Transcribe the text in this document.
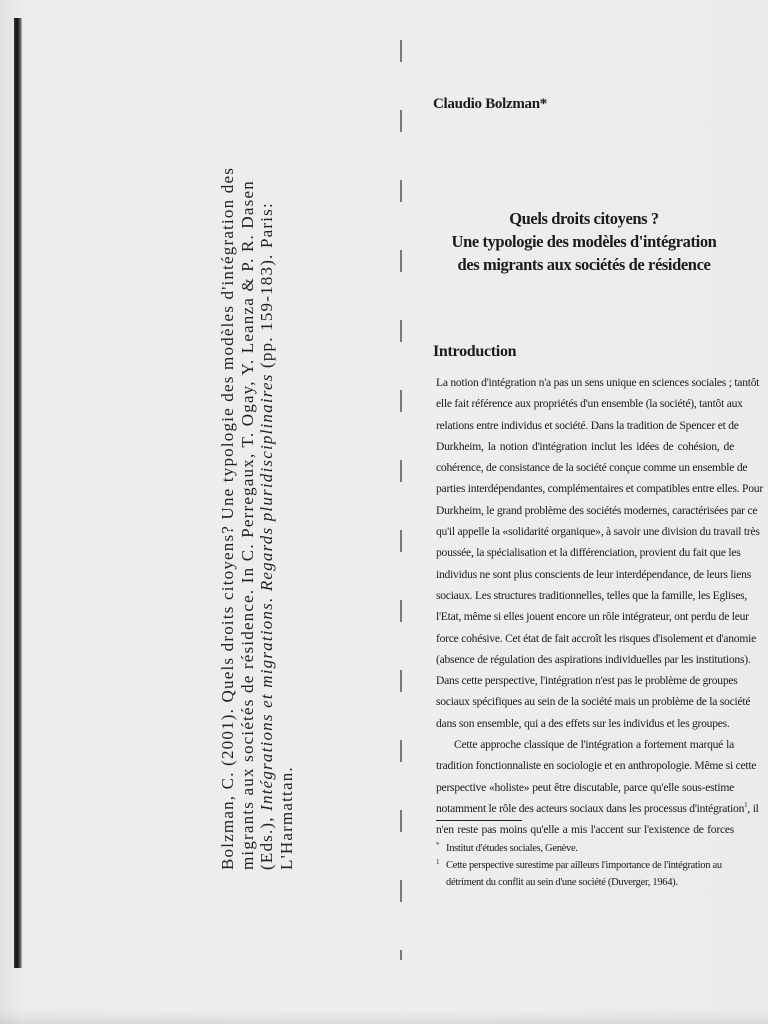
Bolzman, C. (2001). Quels droits citoyens? Une typologie des modèles d'intégration des migrants aux sociétés de résidence. In C. Perregaux, T. Ogay, Y. Leanza & P. R. Dasen (Eds.), Intégrations et migrations. Regards pluridisciplinaires (pp. 159-183). Paris:
L'Harmattan.
Claudio Bolzman*
Quels droits citoyens ?
Une typologie des modèles d'intégration
des migrants aux sociétés de résidence
Introduction
La notion d'intégration n'a pas un sens unique en sciences sociales ; tantôt
elle fait référence aux propriétés d'un ensemble (la société), tantôt aux
relations entre individus et société. Dans la tradition de Spencer et de
Durkheim, la notion d'intégration inclut les idées de cohésion, de
cohérence, de consistance de la société conçue comme un ensemble de
parties interdépendantes, complémentaires et compatibles entre elles. Pour
Durkheim, le grand problème des sociétés modernes, caractérisées par ce
qu'il appelle la «solidarité organique», à savoir une division du travail très
poussée, la spécialisation et la différenciation, provient du fait que les
individus ne sont plus conscients de leur interdépendance, de leurs liens
sociaux. Les structures traditionnelles, telles que la famille, les Eglises,
l'Etat, même si elles jouent encore un rôle intégrateur, ont perdu de leur
force cohésive. Cet état de fait accroît les risques d'isolement et d'anomie
(absence de régulation des aspirations individuelles par les institutions).
Dans cette perspective, l'intégration n'est pas le problème de groupes
sociaux spécifiques au sein de la société mais un problème de la société
dans son ensemble, qui a des effets sur les individus et les groupes.
Cette approche classique de l'intégration a fortement marqué la
tradition fonctionnaliste en sociologie et en anthropologie. Même si cette
perspective «holiste» peut être discutable, parce qu'elle sous-estime
notamment le rôle des acteurs sociaux dans les processus d'intégration$^1$, il
n'en reste pas moins qu'elle a mis l'accent sur l'existence de forces
* Institut d'études sociales, Genève.
$^1$ Cette perspective surestime par ailleurs l'importance de l'intégration au
détriment du conflit au sein d'une société (Duverger, 1964).
